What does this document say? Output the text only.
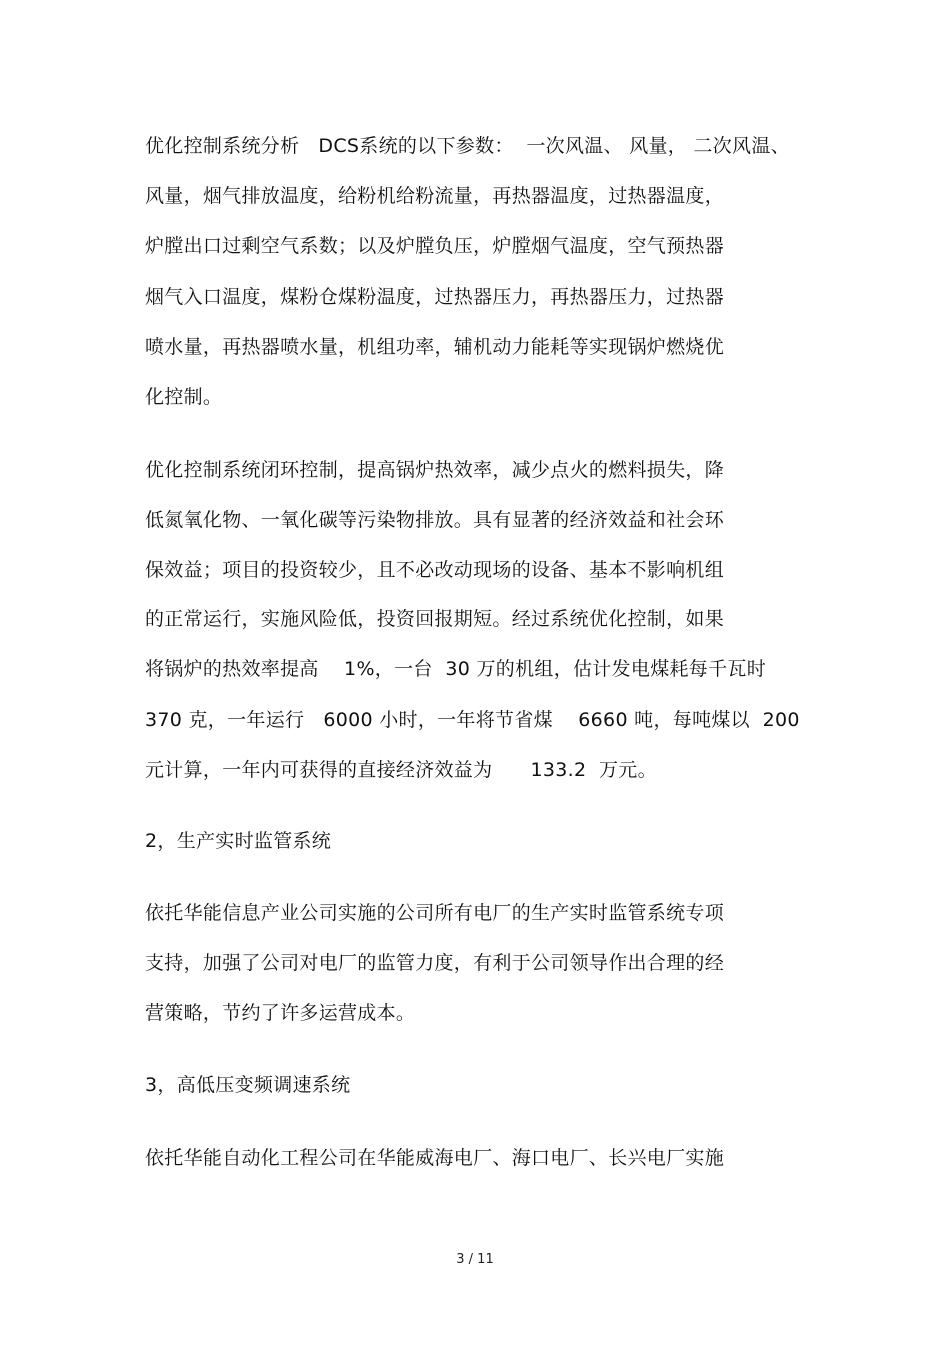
优化控制系统分析   DCS系统的以下参数：  一次风温、 风量， 二次风温、
风量，烟气排放温度，给粉机给粉流量，再热器温度，过热器温度，
炉膛出口过剩空气系数；以及炉膛负压，炉膛烟气温度，空气预热器
烟气入口温度，煤粉仓煤粉温度，过热器压力，再热器压力，过热器
喷水量，再热器喷水量，机组功率，辅机动力能耗等实现锅炉燃烧优
化控制。
优化控制系统闭环控制，提高锅炉热效率，减少点火的燃料损失，降
低氮氧化物、一氧化碳等污染物排放。具有显著的经济效益和社会环
保效益；项目的投资较少，且不必改动现场的设备、基本不影响机组
的正常运行，实施风险低，投资回报期短。经过系统优化控制，如果
将锅炉的热效率提高    1%，一台  30 万的机组，估计发电煤耗每千瓦时
370 克，一年运行   6000 小时，一年将节省煤    6660 吨，每吨煤以  200
元计算，一年内可获得的直接经济效益为      133.2  万元。
2，生产实时监管系统
依托华能信息产业公司实施的公司所有电厂的生产实时监管系统专项
支持，加强了公司对电厂的监管力度，有利于公司领导作出合理的经
营策略，节约了许多运营成本。
3，高低压变频调速系统
依托华能自动化工程公司在华能威海电厂、海口电厂、长兴电厂实施
3 / 11
